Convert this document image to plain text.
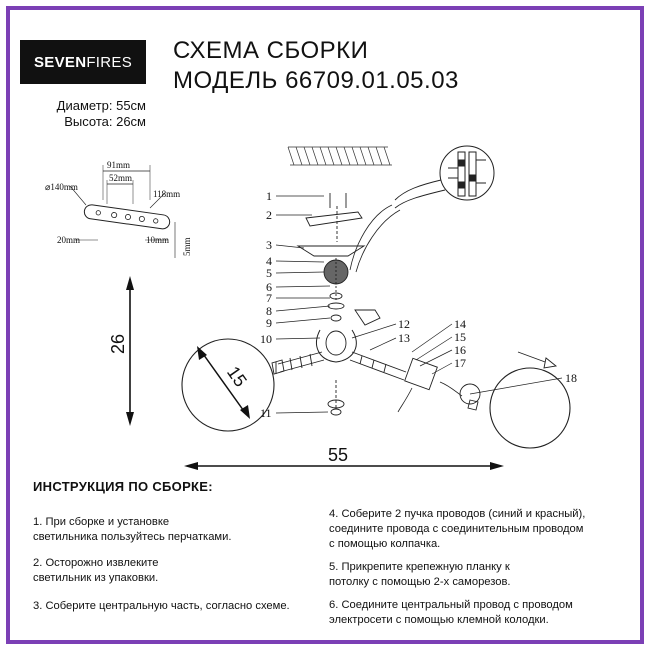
SEVEN FIRES СХЕМА СБОРКИ
МОДЕЛЬ 66709.01.05.03
Диаметр: 55см
Высота: 26см
91mm
52mm
118mm
⌀140mm
20mm	10mm 5mm
26
55
15
1
2
3
4
5
6
7
8
9
10
11
12
13
14
15
16
17
18
ИНСТРУКЦИЯ ПО СБОРКЕ:
1. При сборке и установке
светильника пользуйтесь перчатками.
2. Осторожно извлеките
светильник из упаковки.
3. Соберите центральную часть, согласно схеме.
4. Соберите 2 пучка проводов (синий и красный),
соедините провода с соединительным проводом
с помощью колпачка.
5. Прикрепите крепежную планку к
потолку с помощью 2-х саморезов.
6. Соедините центральный провод с проводом
электросети с помощью клемной колодки.
